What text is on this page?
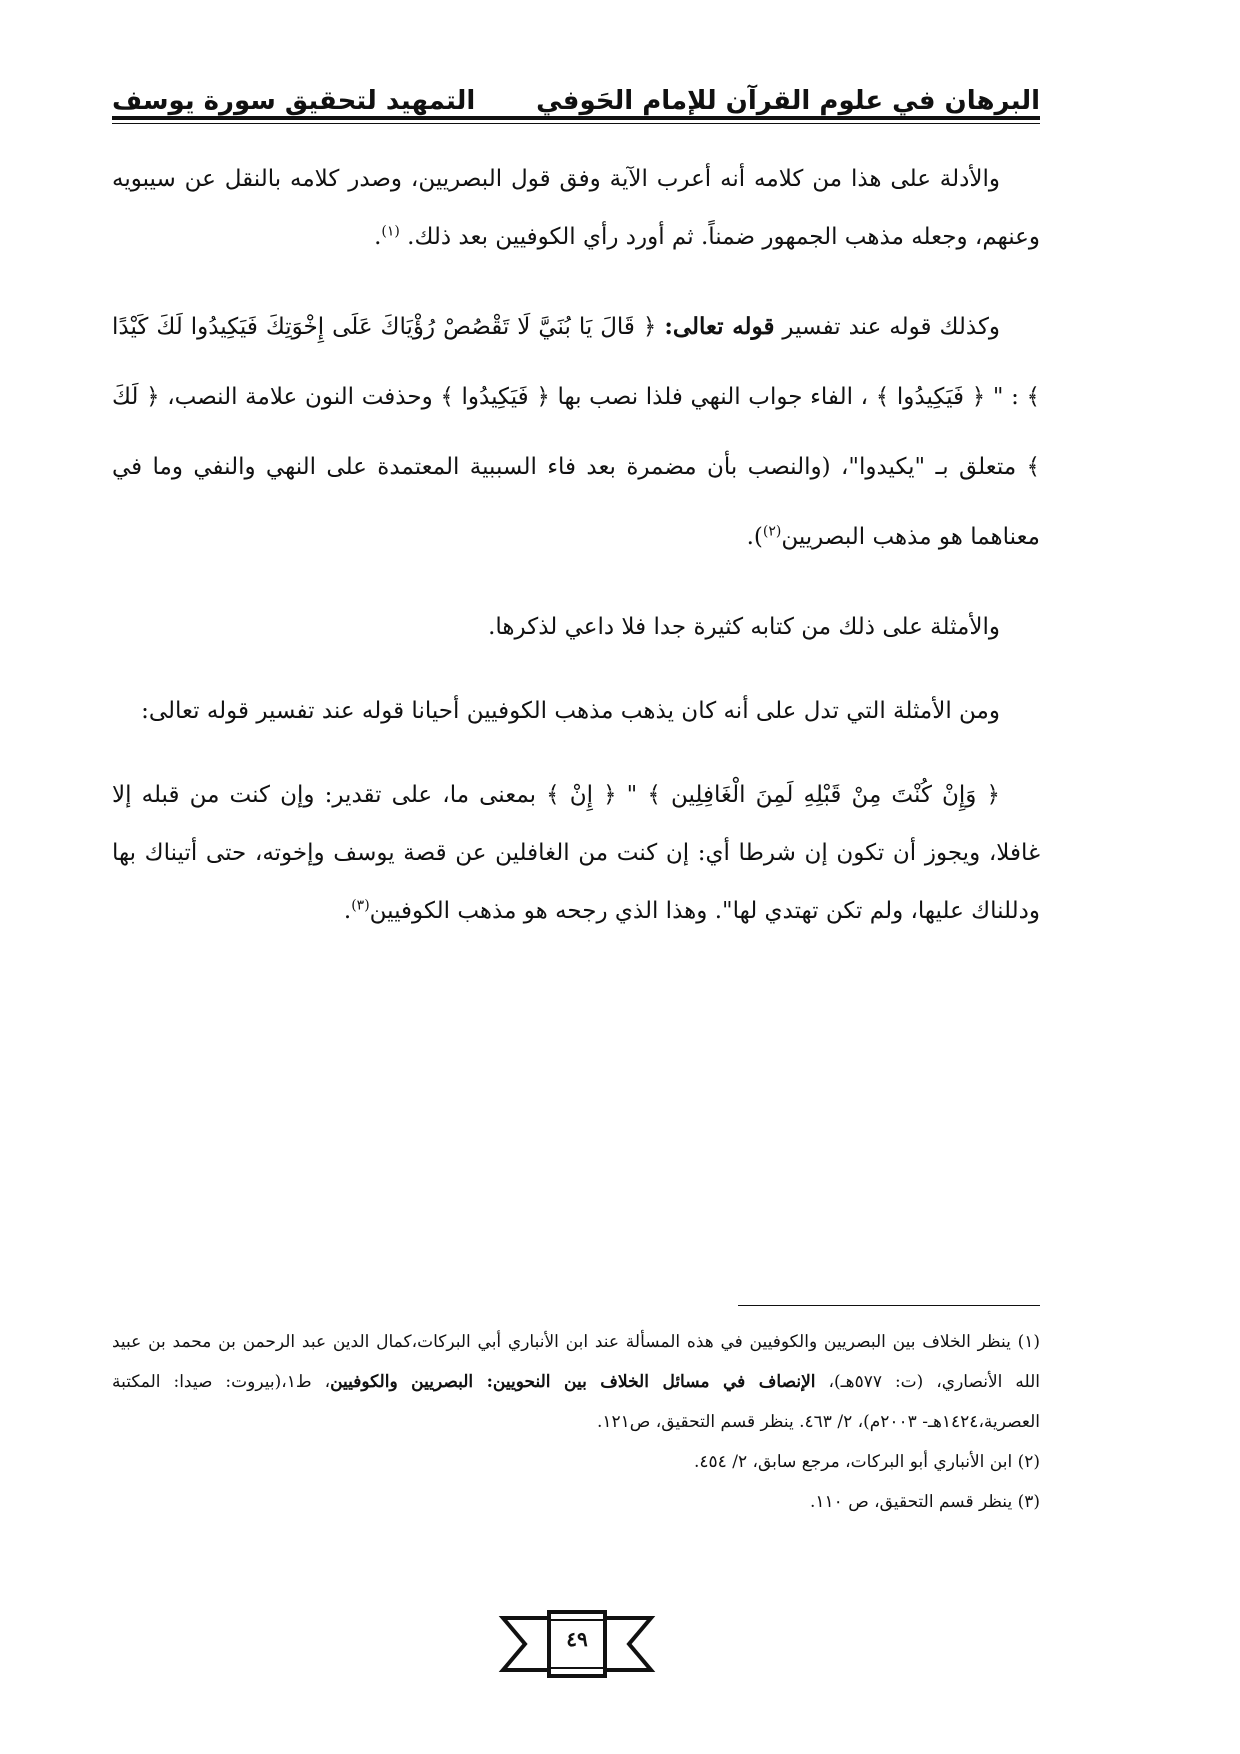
البرهان في علوم القرآن للإمام الحَوفي
التمهيد لتحقيق سورة يوسف

والأدلة على هذا من كلامه أنه أعرب الآية وفق قول البصريين، وصدر كلامه بالنقل عن سيبويه وعنهم، وجعله مذهب الجمهور ضمناً. ثم أورد رأي الكوفيين بعد ذلك. $^{(١)}$.

وكذلك قوله عند تفسير قوله تعالى: ﴿ قَالَ يَا بُنَيَّ لَا تَقْصُصْ رُؤْيَاكَ عَلَى إِخْوَتِكَ فَيَكِيدُوا لَكَ كَيْدًا ﴾ : " ﴿ فَيَكِيدُوا ﴾ ، الفاء جواب النهي فلذا نصب بها ﴿ فَيَكِيدُوا ﴾ وحذفت النون علامة النصب، ﴿ لَكَ ﴾ متعلق بـ "يكيدوا"، (والنصب بأن مضمرة بعد فاء السببية المعتمدة على النهي والنفي وما في معناهما هو مذهب البصريين$^{(٢)}$).

والأمثلة على ذلك من كتابه كثيرة جدا فلا داعي لذكرها.

ومن الأمثلة التي تدل على أنه كان يذهب مذهب الكوفيين أحيانا قوله عند تفسير قوله تعالى:

﴿ وَإِنْ كُنْتَ مِنْ قَبْلِهِ لَمِنَ الْغَافِلِين ﴾ " ﴿ إِنْ ﴾ بمعنى ما، على تقدير: وإن كنت من قبله إلا غافلا، ويجوز أن تكون إن شرطا أي: إن كنت من الغافلين عن قصة يوسف وإخوته، حتى أتيناك بها ودللناك عليها، ولم تكن تهتدي لها". وهذا الذي رجحه هو مذهب الكوفيين$^{(٣)}$.

(١) ينظر الخلاف بين البصريين والكوفيين في هذه المسألة عند ابن الأنباري أبي البركات،كمال الدين عبد الرحمن بن محمد بن عبيد الله الأنصاري، (ت: ٥٧٧هـ)، الإنصاف في مسائل الخلاف بين النحويين: البصريين والكوفيين، ط١،(بيروت: صيدا: المكتبة العصرية،١٤٢٤هـ- ٢٠٠٣م)، ٢/ ٤٦٣. ينظر قسم التحقيق، ص١٢١.
(٢) ابن الأنباري أبو البركات، مرجع سابق، ٢/ ٤٥٤.
(٣) ينظر قسم التحقيق، ص ١١٠.
٤٩
